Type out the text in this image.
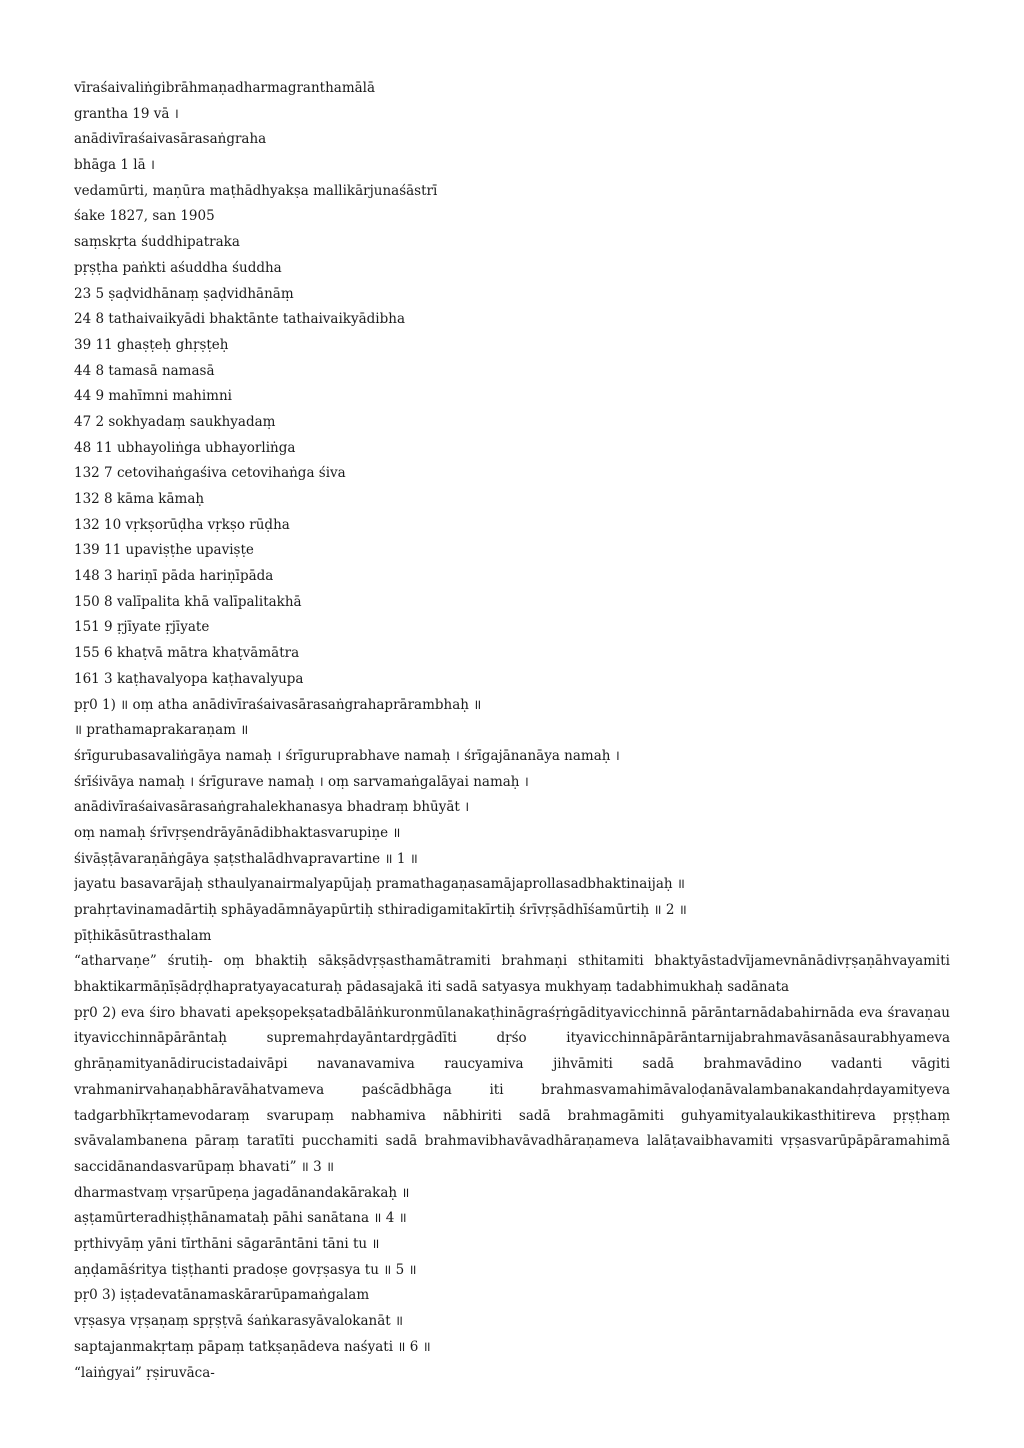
vīraśaivaliṅgibrāhmaṇadharmagranthamālā
grantha 19 vā ।
anādivīraśaivasārasaṅgraha
bhāga 1 lā ।
vedamūrti, maṇūra maṭhādhyakṣa mallikārjunaśāstrī
śake 1827, san 1905
saṃskṛta śuddhipatraka
pṛṣṭha paṅkti aśuddha śuddha
23 5 ṣaḍvidhānaṃ ṣaḍvidhānāṃ
24 8 tathaivaikyādi bhaktānte tathaivaikyādibha
39 11 ghaṣṭeḥ ghṛṣṭeḥ
44 8 tamasā namasā
44 9 mahīmni mahimni
47 2 sokhyadaṃ saukhyadaṃ
48 11 ubhayoliṅga ubhayorliṅga
132 7 cetovihaṅgaśiva cetovihaṅga śiva
132 8 kāma kāmaḥ
132 10 vṛkṣorūḍha vṛkṣo rūḍha
139 11 upaviṣṭhe upaviṣṭe
148 3 hariṇī pāda hariṇīpāda
150 8 valīpalita khā valīpalitakhā
151 9 ṛjīyate ṛjīyate
155 6 khaṭvā mātra khaṭvāmātra
161 3 kaṭhavalyopa kaṭhavalyupa
pṛ0 1) ॥ oṃ atha anādivīraśaivasārasaṅgrahaprārambhaḥ ॥
॥ prathamaprakaraṇam ॥
śrīgurubasavaliṅgāya namaḥ । śrīguruprabhave namaḥ । śrīgajānanāya namaḥ ।
śrīśivāya namaḥ । śrīgurave namaḥ । oṃ sarvamaṅgalāyai namaḥ ।
anādivīraśaivasārasaṅgrahalekhanasya bhadraṃ bhūyāt ।
oṃ namaḥ śrīvṛṣendrāyānādibhaktasvarupiṇe ॥
śivāṣṭāvaraṇāṅgāya ṣaṭsthalādhvapravartine ॥ 1 ॥
jayatu basavarājaḥ sthaulyanairmalyapūjaḥ pramathagaṇasamājaprollasadbhaktinaijaḥ ॥
prahṛtavinamadārtiḥ sphāyadāmnāyapūrtiḥ sthiradigamitakīrtiḥ śrīvṛṣādhīśamūrtiḥ ॥ 2 ॥
pīṭhikāsūtrasthalam
“atharvaṇe” śrutiḥ- oṃ bhaktiḥ sākṣādvṛṣasthamātramiti brahmaṇi sthitamiti bhaktyāstadvījamevnānādivṛṣaṇāhvayamiti bhaktikarmāṇīṣādṛḍhapratyayacaturaḥ pādasajakā iti sadā satyasya mukhyaṃ tadabhimukhaḥ sadānata
pṛ0 2) eva śiro bhavati apekṣopekṣatadbālāṅkuronmūlanakaṭhināgraśṛṅgādityavicchinnā pārāntarnādabahirnāda eva śravaṇau ityavicchinnāpārāntaḥ supremahṛdayāntardṛgādīti dṛśo ityavicchinnāpārāntarnijabrahmavāsanāsaurabhyameva ghrāṇamityanādirucistadaivāpi navanavamiva raucyamiva jihvāmiti sadā brahmavādino vadanti vāgiti vrahmanirvahaṇabhāravāhatvameva paścādbhāga iti brahmasvamahimāvaloḍanāvalambanakandahṛdayamityeva tadgarbhīkṛtamevodaraṃ svarupaṃ nabhamiva nābhiriti sadā brahmagāmiti guhyamityalaukikasthitireva pṛṣṭhaṃ svāvalambanena pāraṃ taratīti pucchamiti sadā brahmavibhavāvadhāraṇameva lalāṭavaibhavamiti vṛṣasvarūpāpāramahimā saccidānandasvarūpaṃ bhavati” ॥ 3 ॥
dharmastvaṃ vṛṣarūpeṇa jagadānandakārakaḥ ॥
aṣṭamūrteradhiṣṭhānamataḥ pāhi sanātana ॥ 4 ॥
pṛthivyāṃ yāni tīrthāni sāgarāntāni tāni tu ॥
aṇḍamāśritya tiṣṭhanti pradoṣe govṛṣasya tu ॥ 5 ॥
pṛ0 3) iṣṭadevatānamaskārarūpamaṅgalam
vṛṣasya vṛṣaṇaṃ spṛṣṭvā śaṅkarasyāvalokanāt ॥
saptajanmakṛtaṃ pāpaṃ tatkṣaṇādeva naśyati ॥ 6 ॥
“laiṅgyai” ṛṣiruvāca-
